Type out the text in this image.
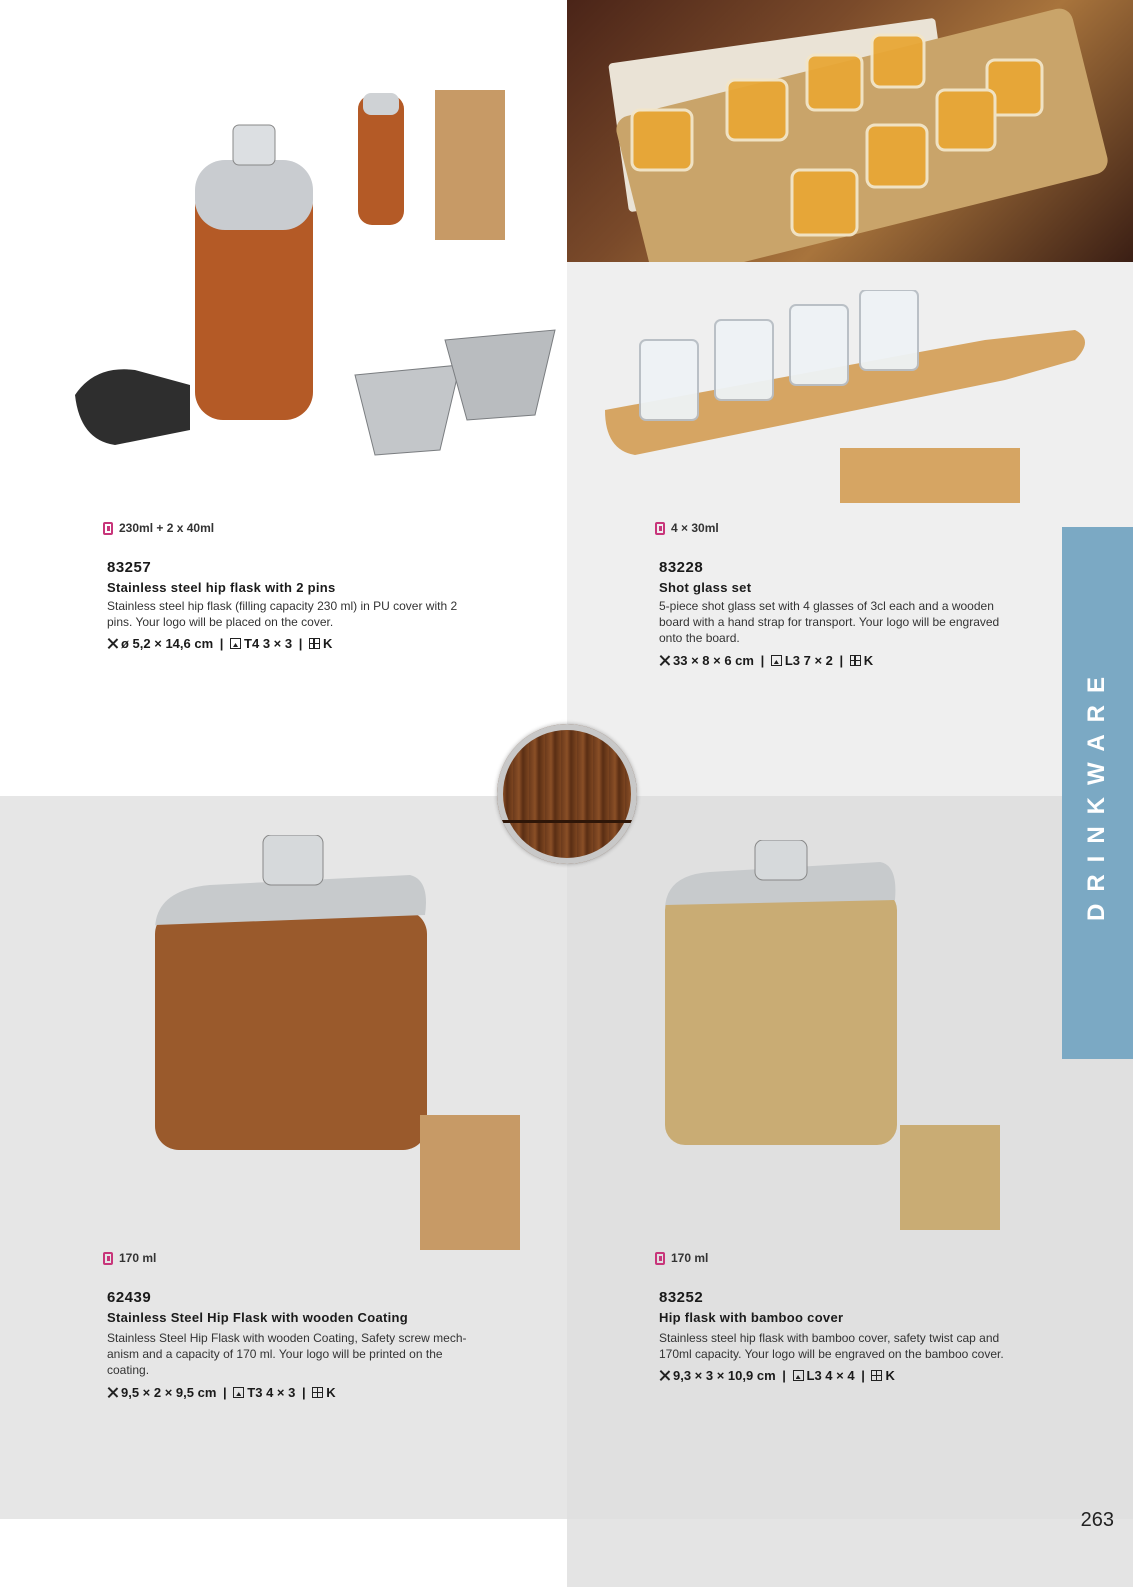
230ml + 2 x 40ml
83257
Stainless steel hip flask with 2 pins
Stainless steel hip flask (filling capacity 230 ml) in PU cover with 2
pins. Your logo will be placed on the cover.
ø 5,2 × 14,6 cm | T4 3 × 3 | K
4 × 30ml
83228
Shot glass set
5-piece shot glass set with 4 glasses of 3cl each and a wooden
board with a hand strap for transport. Your logo will be engraved
onto the board.
33 × 8 × 6 cm | L3 7 × 2 | K
170 ml
62439
Stainless Steel Hip Flask with wooden Coating
Stainless Steel Hip Flask with wooden Coating, Safety screw mech-
anism and a capacity of 170 ml. Your logo will be printed on the
coating.
9,5 × 2 × 9,5 cm | T3 4 × 3 | K
170 ml
83252
Hip flask with bamboo cover
Stainless steel hip flask with bamboo cover, safety twist cap and
170ml capacity. Your logo will be engraved on the bamboo cover.
9,3 × 3 × 10,9 cm | L3 4 × 4 | K
DRINKWARE
263
